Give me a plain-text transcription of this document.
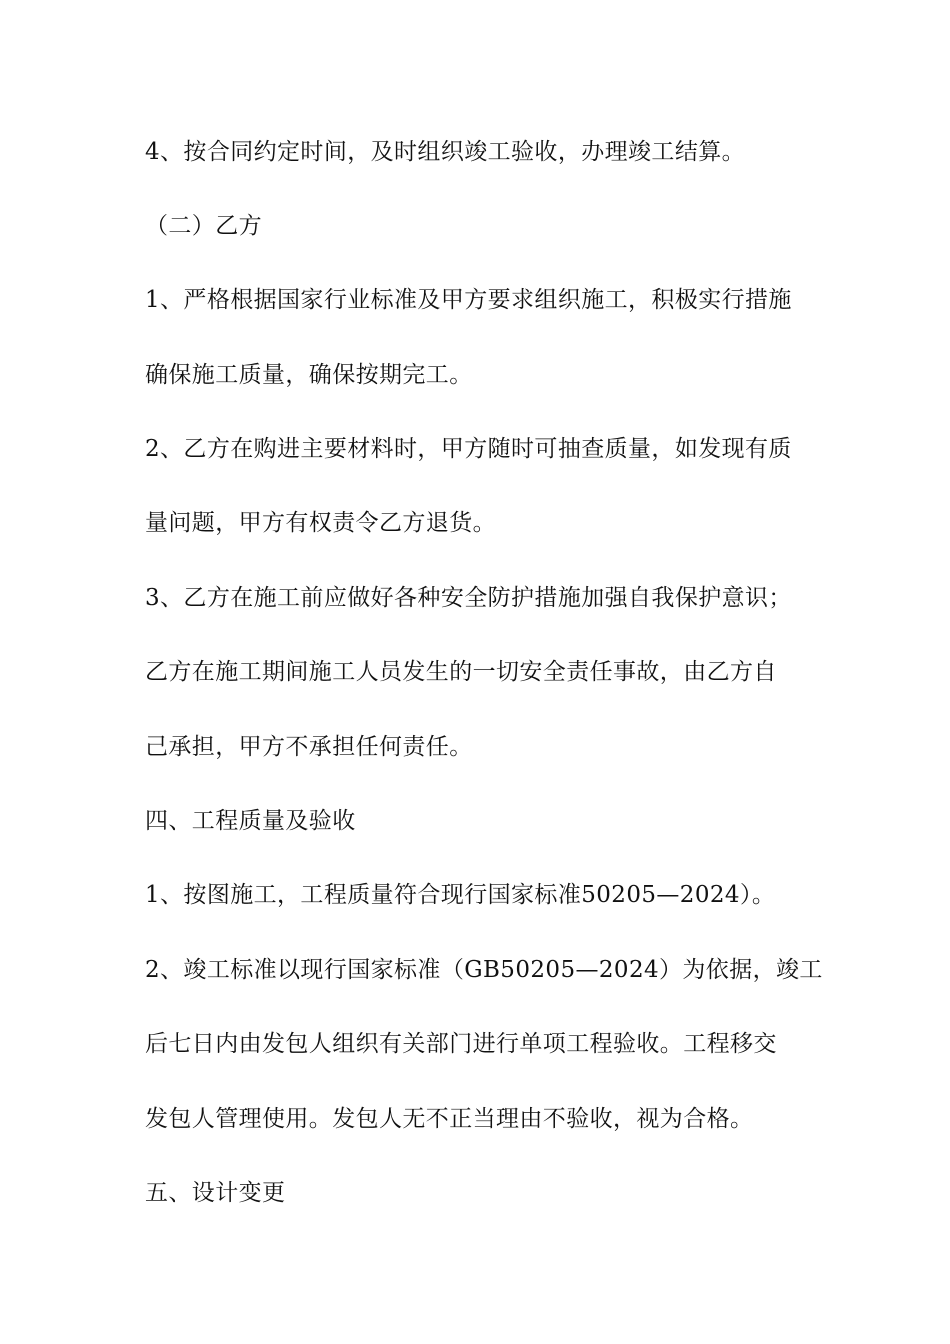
4、按合同约定时间，及时组织竣工验收，办理竣工结算。
（二）乙方
1、严格根据国家行业标准及甲方要求组织施工，积极实行措施
确保施工质量，确保按期完工。
2、乙方在购进主要材料时，甲方随时可抽查质量，如发现有质
量问题，甲方有权责令乙方退货。
3、乙方在施工前应做好各种安全防护措施加强自我保护意识；
乙方在施工期间施工人员发生的一切安全责任事故，由乙方自
己承担，甲方不承担任何责任。
四、工程质量及验收
1、按图施工，工程质量符合现行国家标准50205—2024）。
2、竣工标准以现行国家标准（GB50205—2024）为依据，竣工
后七日内由发包人组织有关部门进行单项工程验收。工程移交
发包人管理使用。发包人无不正当理由不验收，视为合格。
五、设计变更
